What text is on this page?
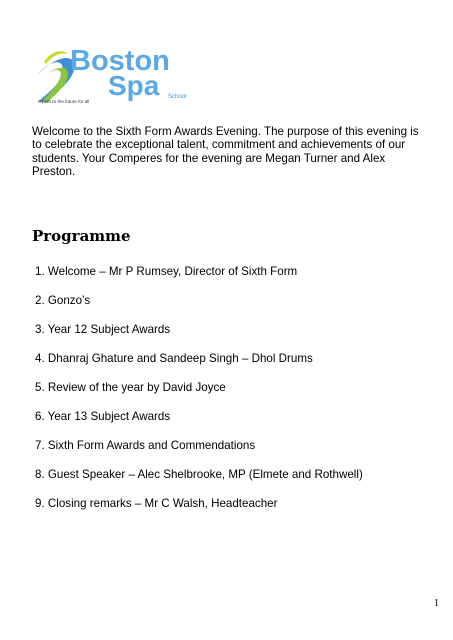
Boston
Spa School
A path to the future for all

Welcome to the Sixth Form Awards Evening. The purpose of this evening is to celebrate the exceptional talent, commitment and achievements of our students. Your Comperes for the evening are Megan Turner and Alex Preston.

Programme
1. Welcome – Mr P Rumsey, Director of Sixth Form
2. Gonzo’s
3. Year 12 Subject Awards
4. Dhanraj Ghature and Sandeep Singh – Dhol Drums
5. Review of the year by David Joyce
6. Year 13 Subject Awards
7. Sixth Form Awards and Commendations
8. Guest Speaker – Alec Shelbrooke, MP (Elmete and Rothwell)
9. Closing remarks – Mr C Walsh, Headteacher
1
